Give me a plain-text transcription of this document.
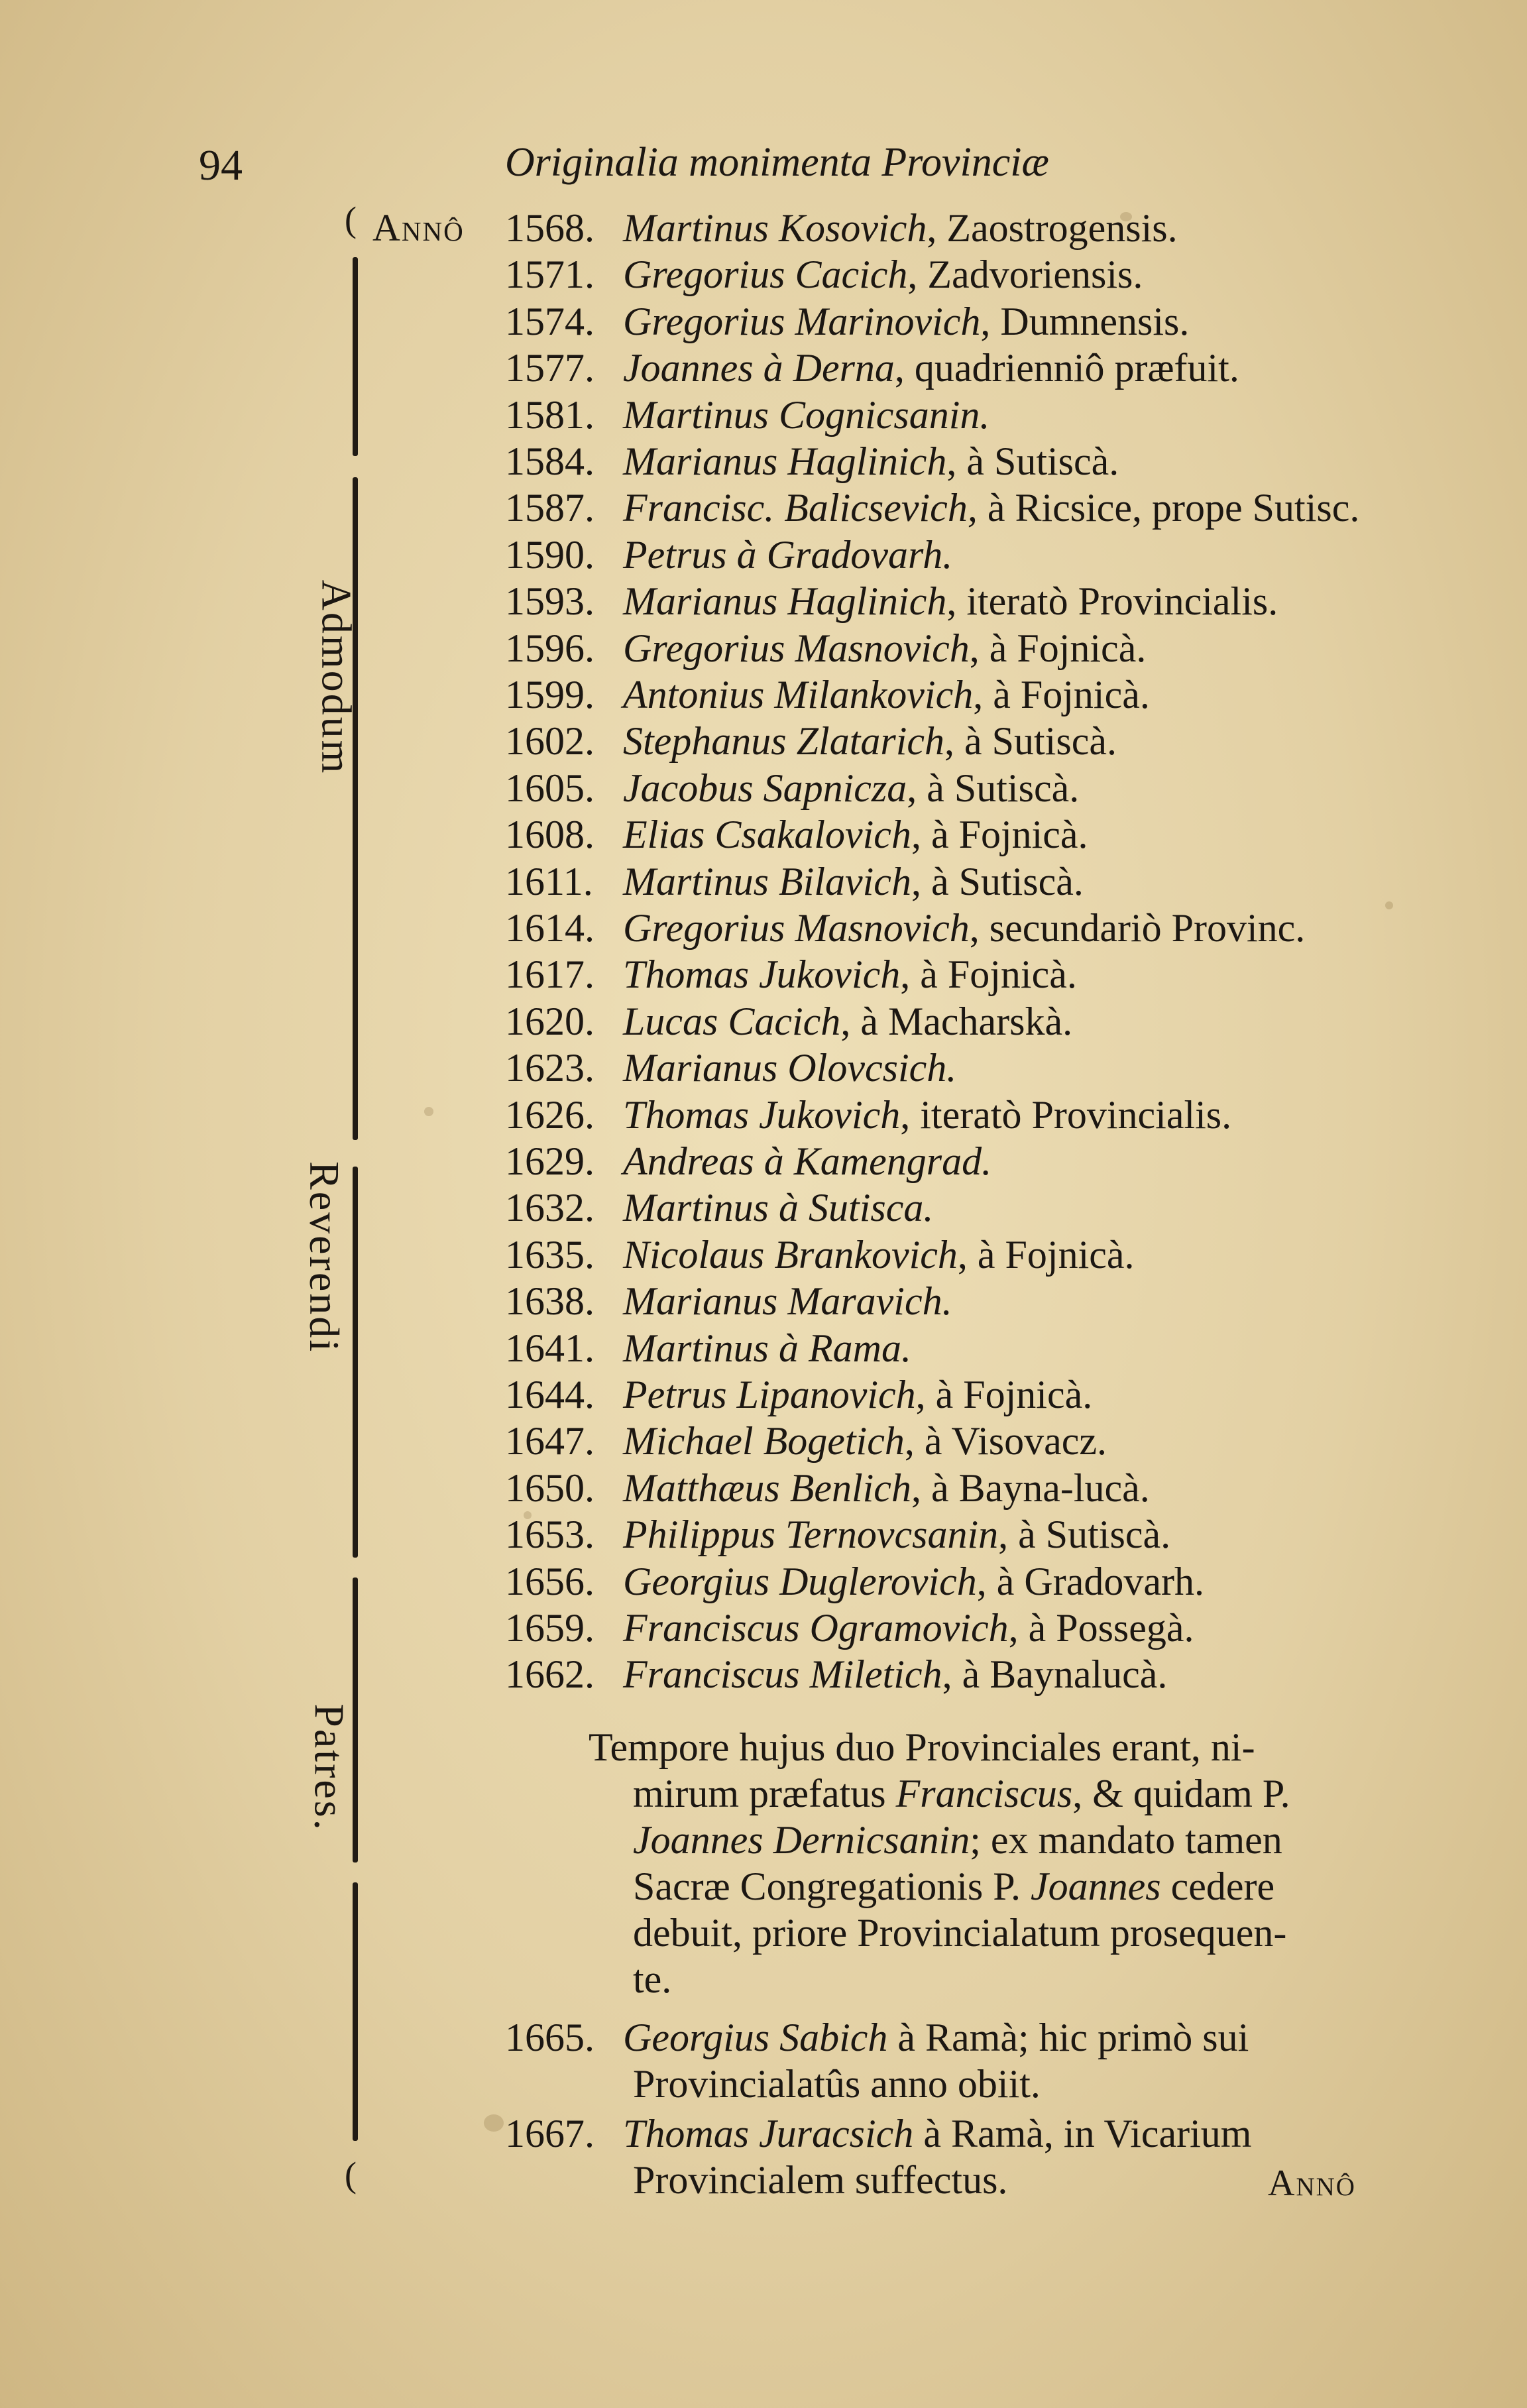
94	Originalia monimenta Provinciæ
(
(
Admodum
Reverendi
Patres.
Annô 1568. Martinus Kosovich, Zaostrogensis.
1571. Gregorius Cacich, Zadvoriensis.
1574. Gregorius Marinovich, Dumnensis.
1577. Joannes à Derna, quadrienniô præfuit.
1581. Martinus Cognicsanin.
1584. Marianus Haglinich, à Sutiscà.
1587. Francisc. Balicsevich, à Ricsice, prope Sutisc.
1590. Petrus à Gradovarh.
1593. Marianus Haglinich, iteratò Provincialis.
1596. Gregorius Masnovich, à Fojnicà.
1599. Antonius Milankovich, à Fojnicà.
1602. Stephanus Zlatarich, à Sutiscà.
1605. Jacobus Sapnicza, à Sutiscà.
1608. Elias Csakalovich, à Fojnicà.
1611. Martinus Bilavich, à Sutiscà.
1614. Gregorius Masnovich, secundariò Provinc.
1617. Thomas Jukovich, à Fojnicà.
1620. Lucas Cacich, à Macharskà.
1623. Marianus Olovcsich.
1626. Thomas Jukovich, iteratò Provincialis.
1629. Andreas à Kamengrad.
1632. Martinus à Sutisca.
1635. Nicolaus Brankovich, à Fojnicà.
1638. Marianus Maravich.
1641. Martinus à Rama.
1644. Petrus Lipanovich, à Fojnicà.
1647. Michael Bogetich, à Visovacz.
1650. Matthæus Benlich, à Bayna-lucà.
1653. Philippus Ternovcsanin, à Sutiscà.
1656. Georgius Duglerovich, à Gradovarh.
1659. Franciscus Ogramovich, à Possegà.
1662. Franciscus Miletich, à Baynalucà.
Tempore hujus duo Provinciales erant, ni-
mirum præfatus Franciscus, & quidam P.
Joannes Dernicsanin; ex mandato tamen
Sacræ Congregationis P. Joannes cedere
debuit, priore Provincialatum prosequen-
te.
1665. Georgius Sabich à Ramà; hic primò sui
Provincialatûs anno obiit.
1667. Thomas Juracsich à Ramà, in Vicarium
Provincialem suffectus.	Annô
